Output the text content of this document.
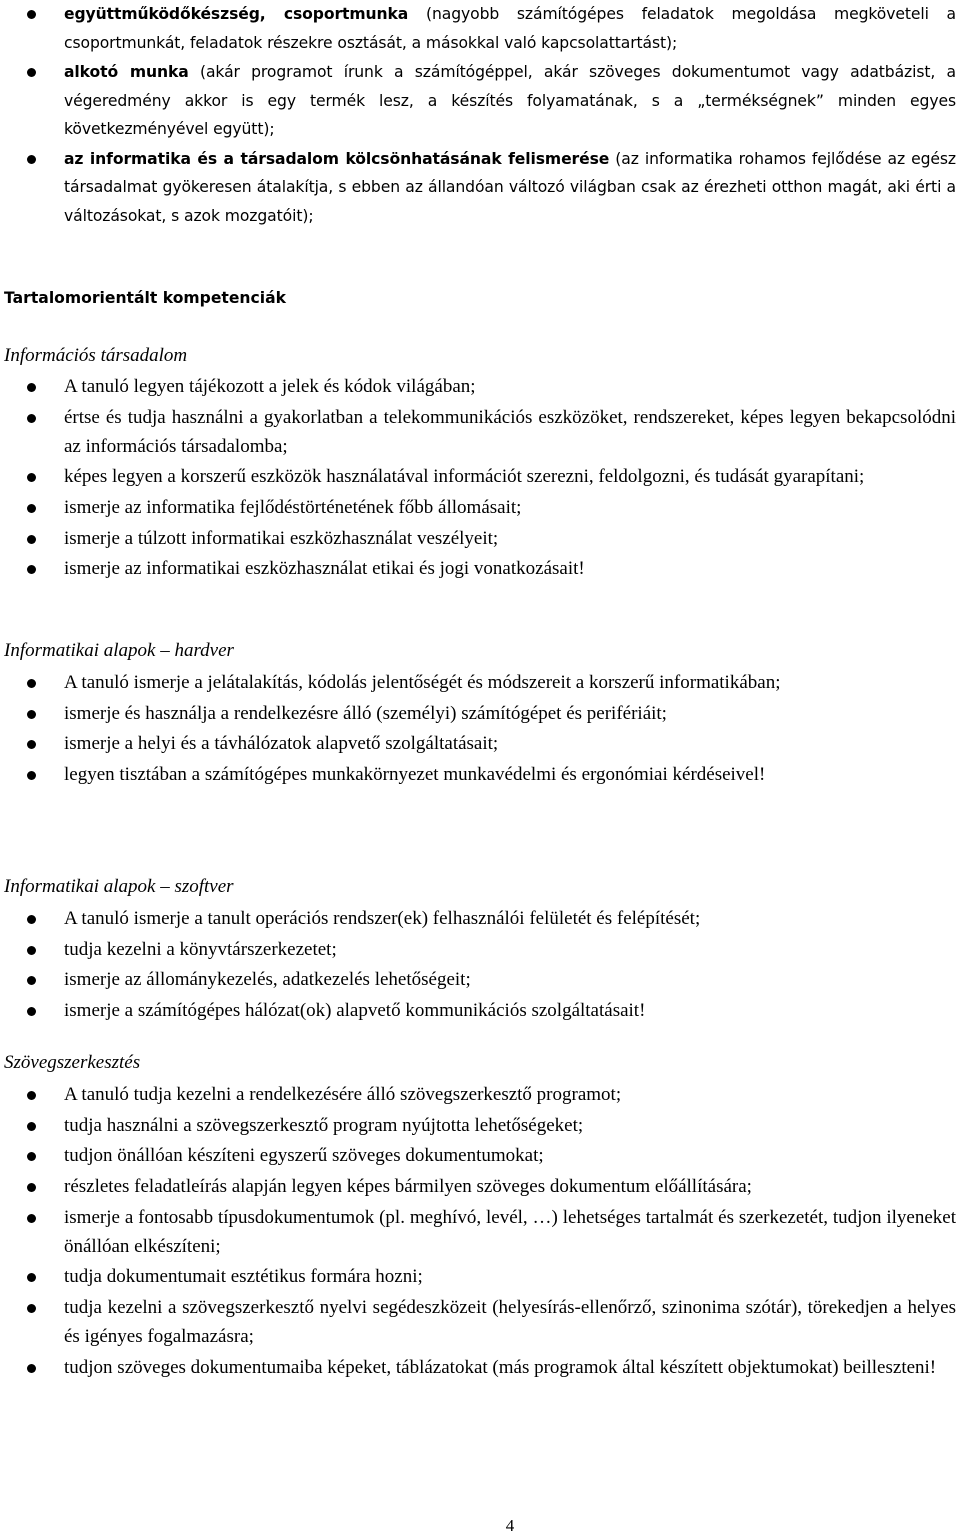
együttműködőkészség, csoportmunka (nagyobb számítógépes feladatok megoldása megköveteli a csoportmunkát, feladatok részekre osztását, a másokkal való kapcsolattartást);
alkotó munka (akár programot írunk a számítógéppel, akár szöveges dokumentumot vagy adatbázist, a végeredmény akkor is egy termék lesz, a készítés folyamatának, s a „termékségnek” minden egyes következményével együtt);
az informatika és a társadalom kölcsönhatásának felismerése (az informatika rohamos fejlődése az egész társadalmat gyökeresen átalakítja, s ebben az állandóan változó világban csak az érezheti otthon magát, aki érti a változásokat, s azok mozgatóit);
Tartalomorientált kompetenciák
Információs társadalom
A tanuló legyen tájékozott a jelek és kódok világában;
értse és tudja használni a gyakorlatban a telekommunikációs eszközöket, rendszereket, képes legyen bekapcsolódni az információs társadalomba;
képes legyen a korszerű eszközök használatával információt szerezni, feldolgozni, és tudását gyarapítani;
ismerje az informatika fejlődéstörténetének főbb állomásait;
ismerje a túlzott informatikai eszközhasználat veszélyeit;
ismerje az informatikai eszközhasználat etikai és jogi vonatkozásait!
Informatikai alapok – hardver
A tanuló ismerje a jelátalakítás, kódolás jelentőségét és módszereit a korszerű informatikában;
ismerje és használja a rendelkezésre álló (személyi) számítógépet és perifériáit;
ismerje a helyi és a távhálózatok alapvető szolgáltatásait;
legyen tisztában a számítógépes munkakörnyezet munkavédelmi és ergonómiai kérdéseivel!
Informatikai alapok – szoftver
A tanuló ismerje a tanult operációs rendszer(ek) felhasználói felületét és felépítését;
tudja kezelni a könyvtárszerkezetet;
ismerje az állománykezelés, adatkezelés lehetőségeit;
ismerje a számítógépes hálózat(ok) alapvető kommunikációs szolgáltatásait!
Szövegszerkesztés
A tanuló tudja kezelni a rendelkezésére álló szövegszerkesztő programot;
tudja használni a szövegszerkesztő program nyújtotta lehetőségeket;
tudjon önállóan készíteni egyszerű szöveges dokumentumokat;
részletes feladatleírás alapján legyen képes bármilyen szöveges dokumentum előállítására;
ismerje a fontosabb típusdokumentumok (pl. meghívó, levél, …) lehetséges tartalmát és szerkezetét, tudjon ilyeneket önállóan elkészíteni;
tudja dokumentumait esztétikus formára hozni;
tudja kezelni a szövegszerkesztő nyelvi segédeszközeit (helyesírás-ellenőrző, szinonima szótár), törekedjen a helyes és igényes fogalmazásra;
tudjon szöveges dokumentumaiba képeket, táblázatokat (más programok által készített objektumokat) beilleszteni!
4
